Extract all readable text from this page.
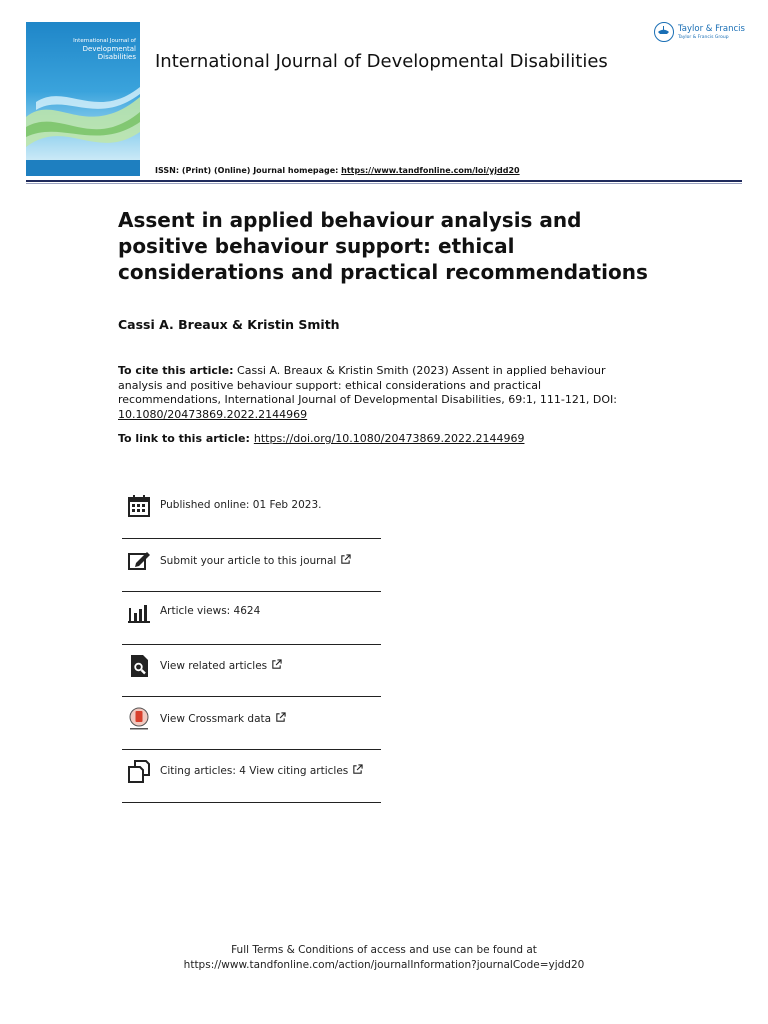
International Journal of
Developmental
Disabilities International Journal of Developmental Disabilities
Taylor & Francis
Taylor & Francis Group
ISSN: (Print) (Online) Journal homepage: https://www.tandfonline.com/loi/yjdd20
Assent in applied behaviour analysis and positive behaviour support: ethical considerations and practical recommendations
Cassi A. Breaux & Kristin Smith
To cite this article: Cassi A. Breaux & Kristin Smith (2023) Assent in applied behaviour analysis and positive behaviour support: ethical considerations and practical recommendations, International Journal of Developmental Disabilities, 69:1, 111-121, DOI: 10.1080/20473869.2022.2144969
To link to this article: https://doi.org/10.1080/20473869.2022.2144969
Published online: 01 Feb 2023.
Submit your article to this journal
Article views: 4624
View related articles
View Crossmark data
Citing articles: 4 View citing articles
Full Terms & Conditions of access and use can be found at
https://www.tandfonline.com/action/journalInformation?journalCode=yjdd20
